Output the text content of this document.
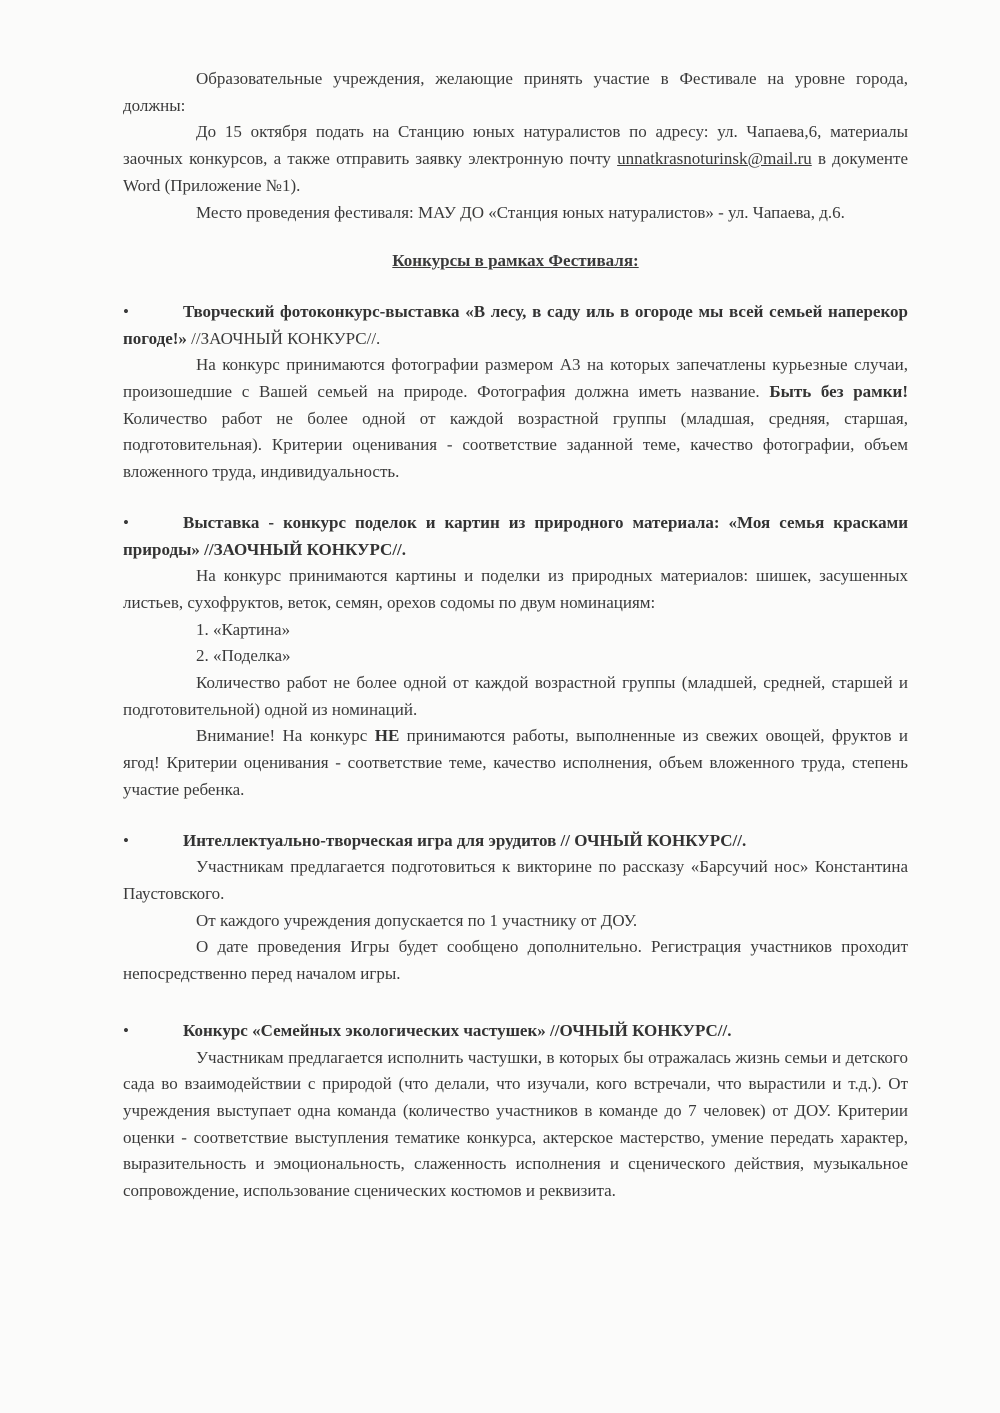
Образовательные учреждения, желающие принять участие в Фестивале на уровне города, должны:

До 15 октября подать на Станцию юных натуралистов по адресу: ул. Чапаева,6, материалы заочных конкурсов, а также отправить заявку электронную почту unnatkrasnoturinsk@mail.ru в документе Word (Приложение №1).

Место проведения фестиваля: МАУ ДО «Станция юных натуралистов» - ул. Чапаева, д.6.

Конкурсы в рамках Фестиваля:

•	Творческий фотоконкурс-выставка «В лесу, в саду иль в огороде мы всей семьей наперекор погоде!» //ЗАОЧНЫЙ КОНКУРС//.

На конкурс принимаются фотографии размером А3 на которых запечатлены курьезные случаи, произошедшие с Вашей семьей на природе. Фотография должна иметь название. Быть без рамки! Количество работ не более одной от каждой возрастной группы (младшая, средняя, старшая, подготовительная). Критерии оценивания - соответствие заданной теме, качество фотографии, объем вложенного труда, индивидуальность.

•	Выставка - конкурс поделок и картин из природного материала: «Моя семья красками природы» //ЗАОЧНЫЙ КОНКУРС//.

На конкурс принимаются картины и поделки из природных материалов: шишек, засушенных листьев, сухофруктов, веток, семян, орехов содомы по двум номинациям:

1. «Картина»

2. «Поделка»

Количество работ не более одной от каждой возрастной группы (младшей, средней, старшей и подготовительной) одной из номинаций.

Внимание! На конкурс НЕ принимаются работы, выполненные из свежих овощей, фруктов и ягод! Критерии оценивания - соответствие теме, качество исполнения, объем вложенного труда, степень участие ребенка.

•	Интеллектуально-творческая игра для эрудитов // ОЧНЫЙ КОНКУРС//.

Участникам предлагается подготовиться к викторине по рассказу «Барсучий нос» Константина Паустовского.

От каждого учреждения допускается по 1 участнику от ДОУ.

О дате проведения Игры будет сообщено дополнительно. Регистрация участников проходит непосредственно перед началом игры.

•	Конкурс «Семейных экологических частушек» //ОЧНЫЙ КОНКУРС//.

Участникам предлагается исполнить частушки, в которых бы отражалась жизнь семьи и детского сада во взаимодействии с природой (что делали, что изучали, кого встречали, что вырастили и т.д.). От учреждения выступает одна команда (количество участников в команде до 7 человек) от ДОУ. Критерии оценки - соответствие выступления тематике конкурса, актерское мастерство, умение передать характер, выразительность и эмоциональность, слаженность исполнения и сценического действия, музыкальное сопровождение, использование сценических костюмов и реквизита.
